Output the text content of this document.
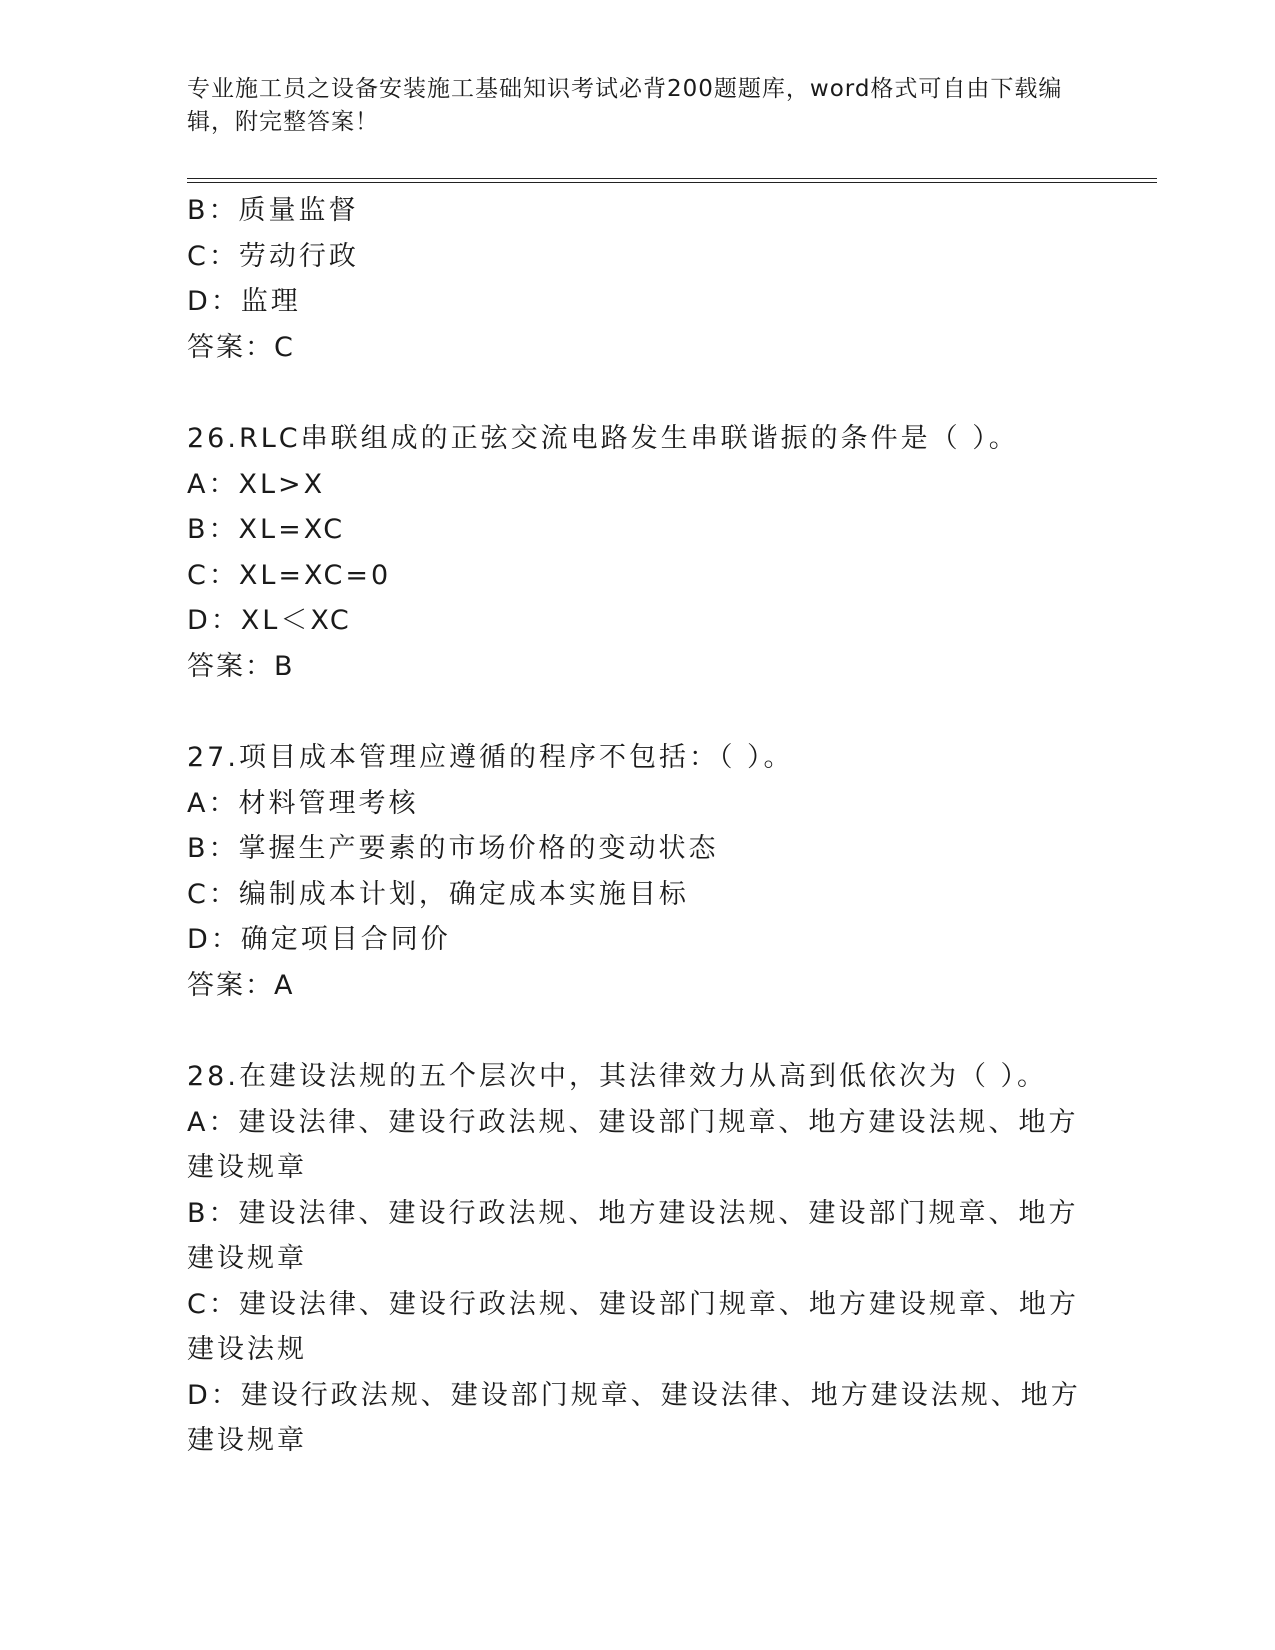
专业施工员之设备安装施工基础知识考试必背200题题库，word格式可自由下载编辑，附完整答案！
B：质量监督
C：劳动行政
D：监理
答案：C
26.RLC串联组成的正弦交流电路发生串联谐振的条件是（ ）。
A：XL>X
B：XL=XC
C：XL=XC=0
D：XL＜XC
答案：B
27.项目成本管理应遵循的程序不包括：（ ）。
A：材料管理考核
B：掌握生产要素的市场价格的变动状态
C：编制成本计划，确定成本实施目标
D：确定项目合同价
答案：A
28.在建设法规的五个层次中，其法律效力从高到低依次为（ ）。
A：建设法律、建设行政法规、建设部门规章、地方建设法规、地方建设规章
B：建设法律、建设行政法规、地方建设法规、建设部门规章、地方建设规章
C：建设法律、建设行政法规、建设部门规章、地方建设规章、地方建设法规
D：建设行政法规、建设部门规章、建设法律、地方建设法规、地方建设规章
